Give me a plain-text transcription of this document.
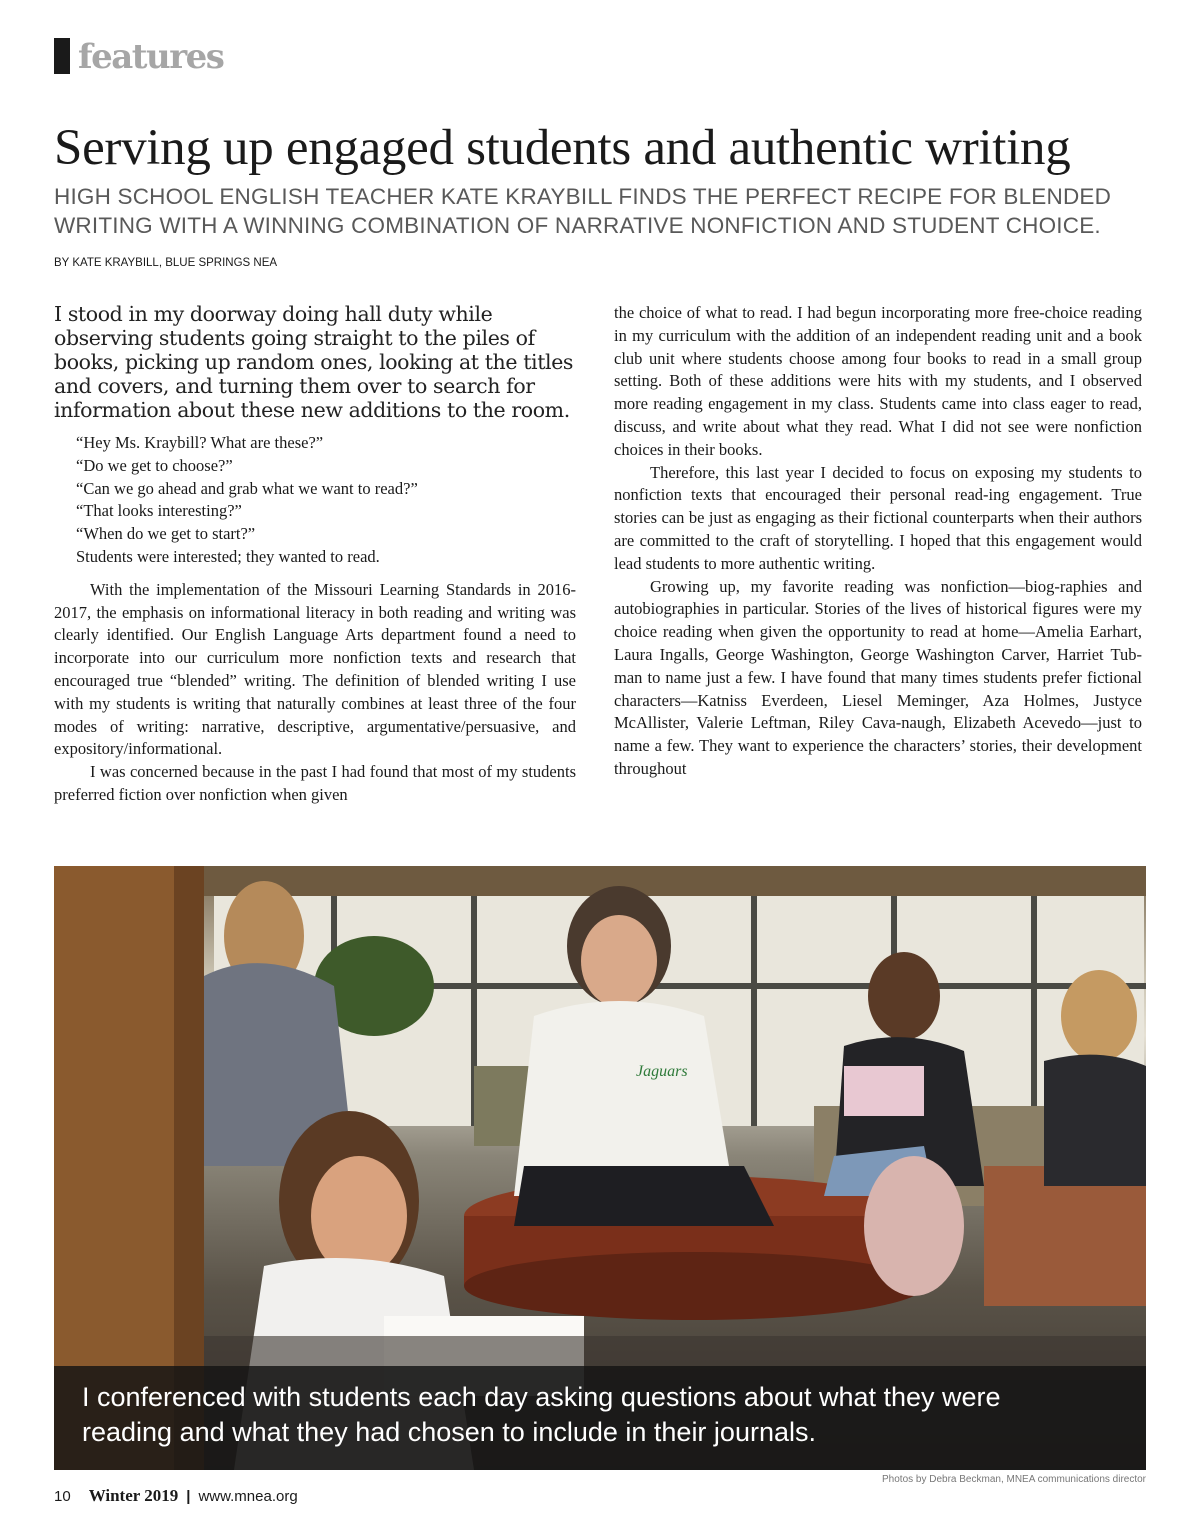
features
Serving up engaged students and authentic writing

HIGH SCHOOL ENGLISH TEACHER KATE KRAYBILL FINDS THE PERFECT RECIPE FOR BLENDED WRITING WITH A WINNING COMBINATION OF NARRATIVE NONFICTION AND STUDENT CHOICE.

BY KATE KRAYBILL, BLUE SPRINGS NEA

I stood in my doorway doing hall duty while observing students going straight to the piles of books, picking up random ones, looking at the titles and covers, and turning them over to search for information about these new additions to the room.

“Hey Ms. Kraybill? What are these?”
“Do we get to choose?”
“Can we go ahead and grab what we want to read?”
“That looks interesting?”
“When do we get to start?”
Students were interested; they wanted to read.

With the implementation of the Missouri Learning Standards in 2016-2017, the emphasis on informational literacy in both reading and writing was clearly identified. Our English Language Arts department found a need to incorporate into our curriculum more nonfiction texts and research that encouraged true “blended” writing. The definition of blended writing I use with my students is writing that naturally combines at least three of the four modes of writing: narrative, descriptive, argumentative/persuasive, and expository/informational.

I was concerned because in the past I had found that most of my students preferred fiction over nonfiction when given

the choice of what to read. I had begun incorporating more free-choice reading in my curriculum with the addition of an independent reading unit and a book club unit where students choose among four books to read in a small group setting. Both of these additions were hits with my students, and I observed more reading engagement in my class. Students came into class eager to read, discuss, and write about what they read. What I did not see were nonfiction choices in their books.

Therefore, this last year I decided to focus on exposing my students to nonfiction texts that encouraged their personal read-ing engagement. True stories can be just as engaging as their fictional counterparts when their authors are committed to the craft of storytelling. I hoped that this engagement would lead students to more authentic writing.

Growing up, my favorite reading was nonfiction—biog-raphies and autobiographies in particular. Stories of the lives of historical figures were my choice reading when given the opportunity to read at home—Amelia Earhart, Laura Ingalls, George Washington, George Washington Carver, Harriet Tub-man to name just a few. I have found that many times students prefer fictional characters—Katniss Everdeen, Liesel Meminger, Aza Holmes, Justyce McAllister, Valerie Leftman, Riley Cava-naugh, Elizabeth Acevedo—just to name a few. They want to experience the characters’ stories, their development throughout

Jaguars
I conferenced with students each day asking questions about what they were reading and what they had chosen to include in their journals.
Photos by Debra Beckman, MNEA communications director
10 Winter 2019 | www.mnea.org
